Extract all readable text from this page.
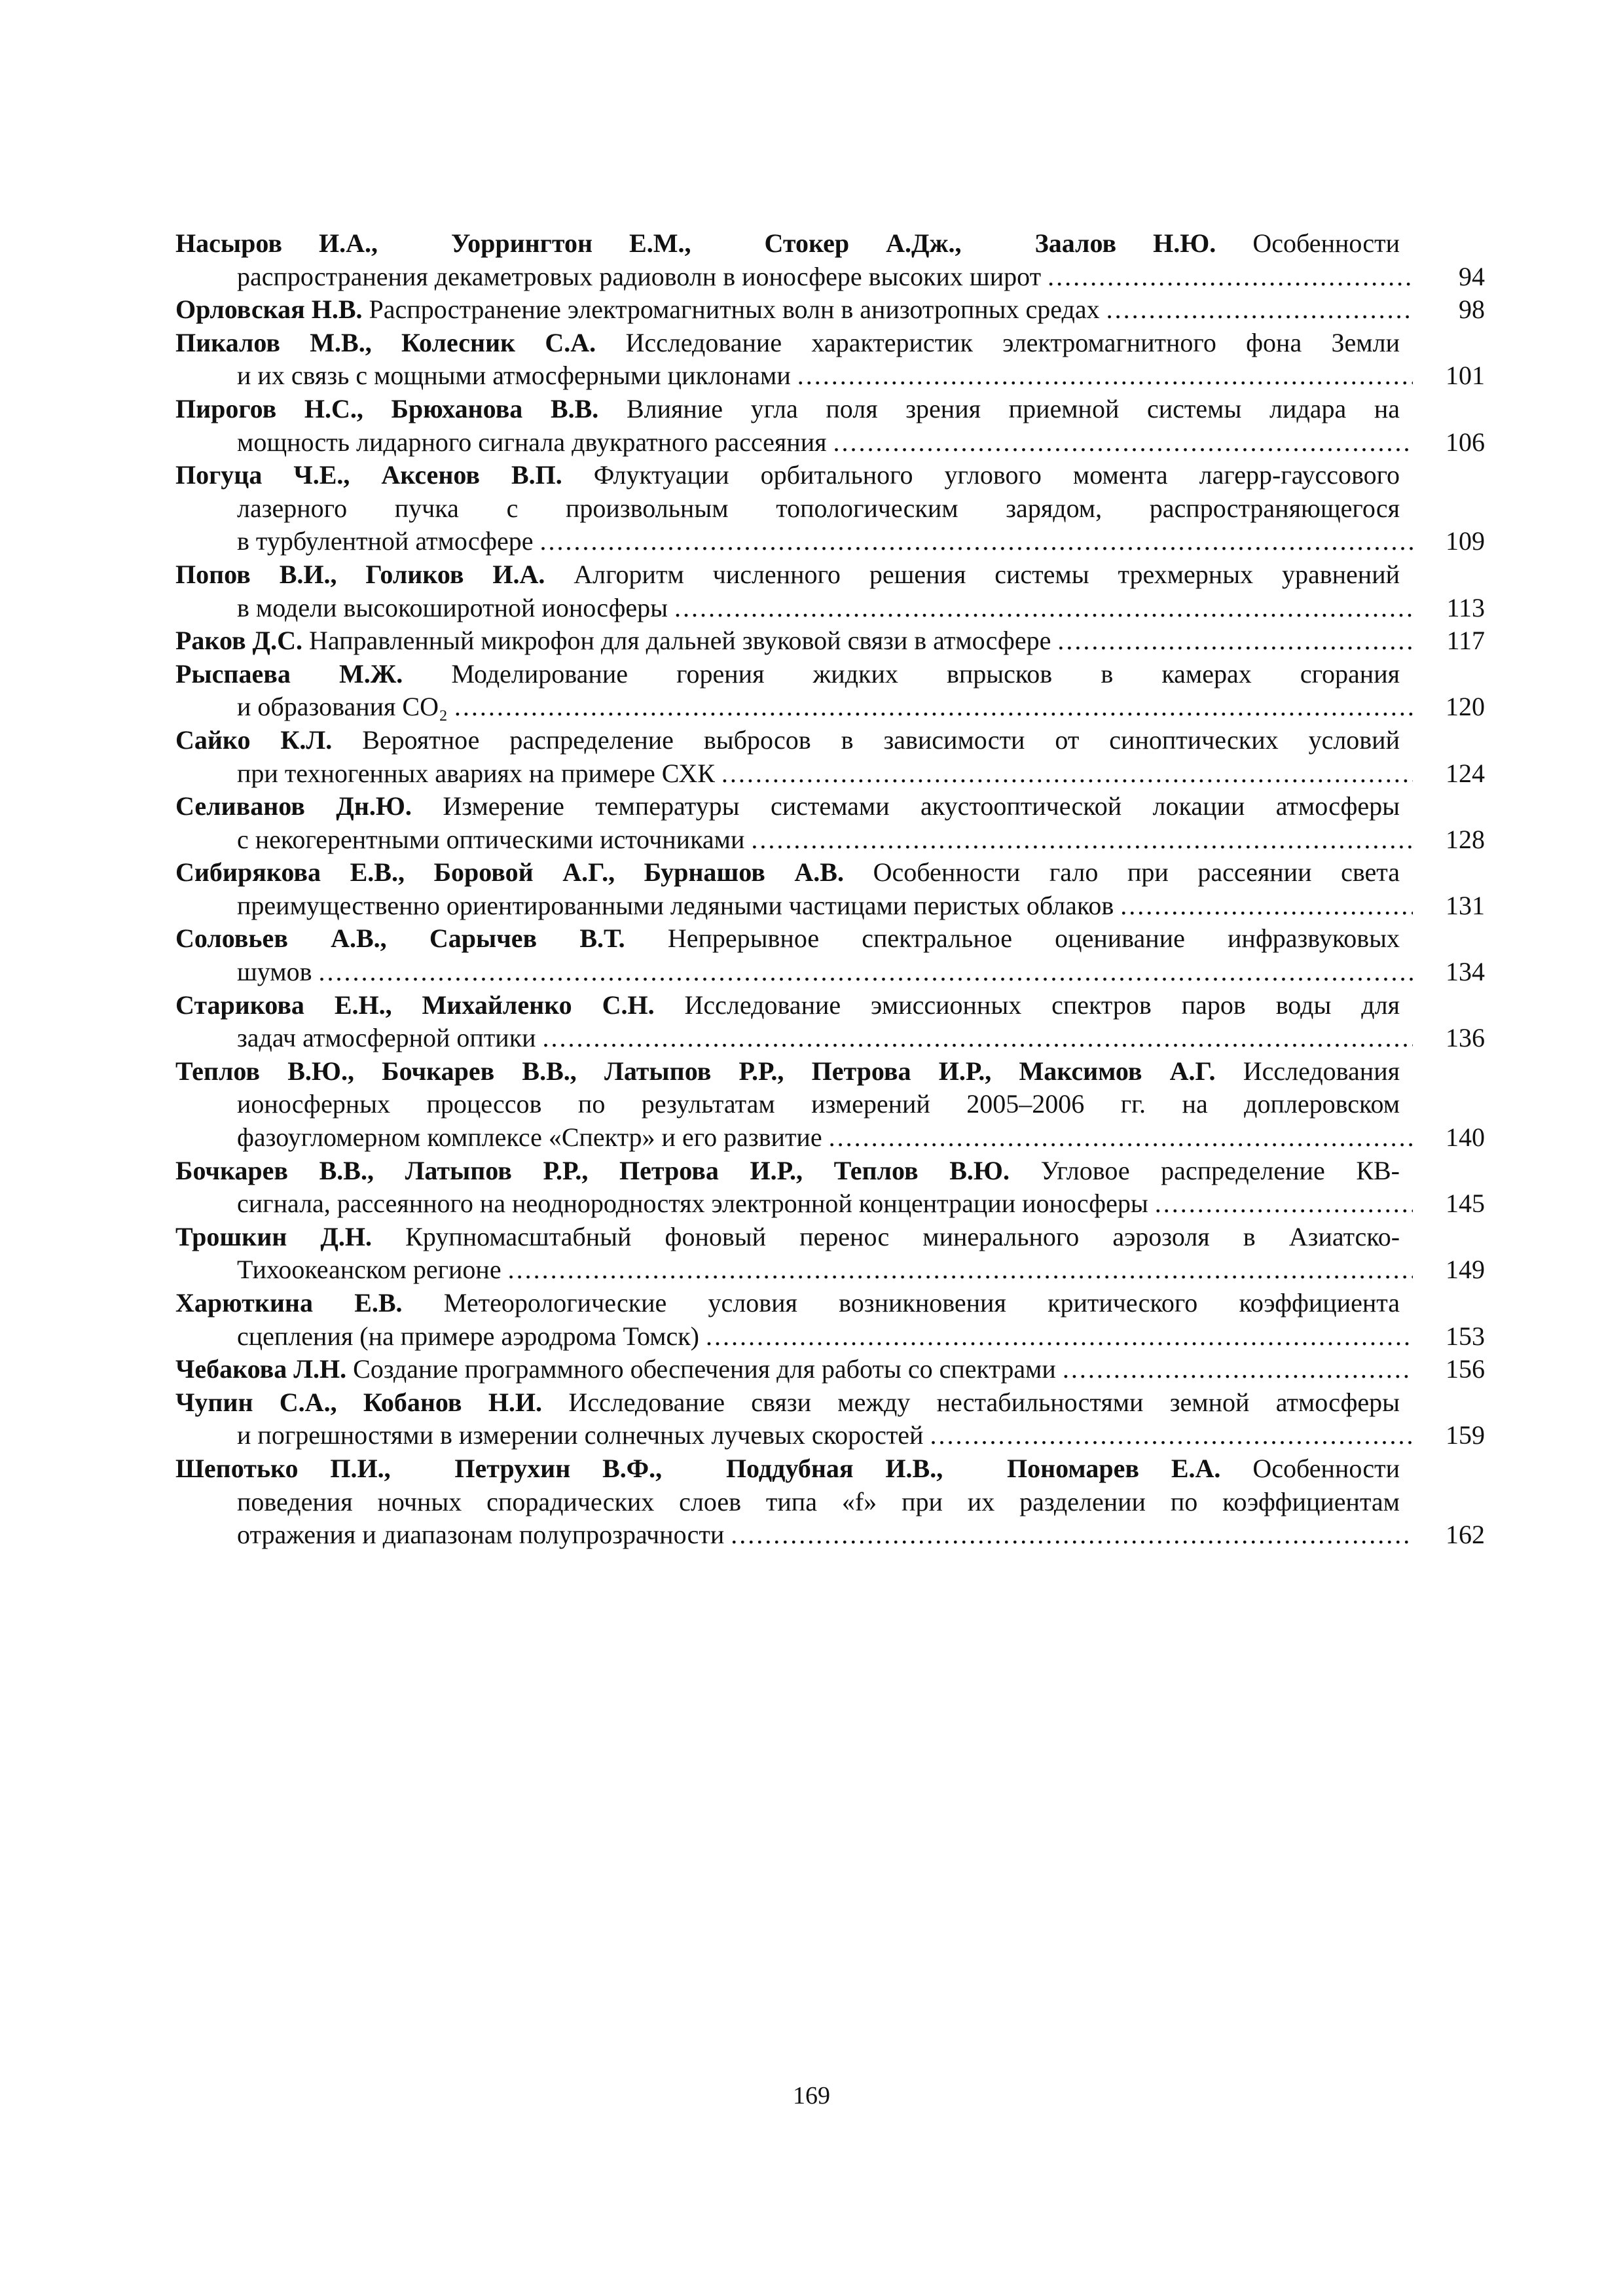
Насыров И.А.,  Уоррингтон Е.М.,  Стокер А.Дж.,  Заалов Н.Ю. Особенности
распространения декаметровых радиоволн в ионосфере высоких широт .....	94
Орловская Н.В. Распространение электромагнитных волн в анизотропных средах .....	98
Пикалов М.В., Колесник С.А. Исследование характеристик электромагнитного фона Земли
и их связь с мощными атмосферными циклонами .....	101
Пирогов Н.С., Брюханова В.В. Влияние угла поля зрения приемной системы лидара на
мощность лидарного сигнала двукратного рассеяния .....	106
Погуца Ч.Е., Аксенов В.П. Флуктуации орбитального углового момента лагерр-гауссового
лазерного пучка с произвольным топологическим зарядом, распространяющегося
в турбулентной атмосфере .....	109
Попов В.И., Голиков И.А. Алгоритм численного решения системы трехмерных уравнений
в модели высокоширотной ионосферы .....	113
Раков Д.С. Направленный микрофон для дальней звуковой связи в атмосфере .....	117
Рыспаева М.Ж. Моделирование горения жидких впрысков в камерах сгорания
и образования CO₂ .....	120
Сайко К.Л. Вероятное распределение выбросов в зависимости от синоптических условий
при техногенных авариях на примере СХК .....	124
Селиванов Дн.Ю. Измерение температуры системами акустооптической локации атмосферы
с некогерентными оптическими источниками .....	128
Сибирякова Е.В., Боровой А.Г., Бурнашов А.В. Особенности гало при рассеянии света
преимущественно ориентированными ледяными частицами перистых облаков .....	131
Соловьев А.В., Сарычев В.Т. Непрерывное спектральное оценивание инфразвуковых
шумов .....	134
Старикова Е.Н., Михайленко С.Н. Исследование эмиссионных спектров паров воды для
задач атмосферной оптики .....	136
Теплов В.Ю., Бочкарев В.В., Латыпов Р.Р., Петрова И.Р., Максимов А.Г. Исследования
ионосферных процессов по результатам измерений 2005–2006 гг. на доплеровском
фазоугломерном комплексе «Спектр» и его развитие .....	140
Бочкарев В.В., Латыпов Р.Р., Петрова И.Р., Теплов В.Ю. Угловое распределение КВ-
сигнала, рассеянного на неоднородностях электронной концентрации ионосферы .....	145
Трошкин Д.Н. Крупномасштабный фоновый перенос минерального аэрозоля в Азиатско-
Тихоокеанском регионе .....	149
Харюткина Е.В. Метеорологические условия возникновения критического коэффициента
сцепления (на примере аэродрома Томск) .....	153
Чебакова Л.Н. Создание программного обеспечения для работы со спектрами .....	156
Чупин С.А., Кобанов Н.И. Исследование связи между нестабильностями земной атмосферы
и погрешностями в измерении солнечных лучевых скоростей .....	159
Шепотько П.И.,  Петрухин В.Ф.,  Поддубная И.В.,  Пономарев Е.А. Особенности
поведения ночных спорадических слоев типа «f» при их разделении по коэффициентам
отражения и диапазонам полупрозрачности .....	162
169
